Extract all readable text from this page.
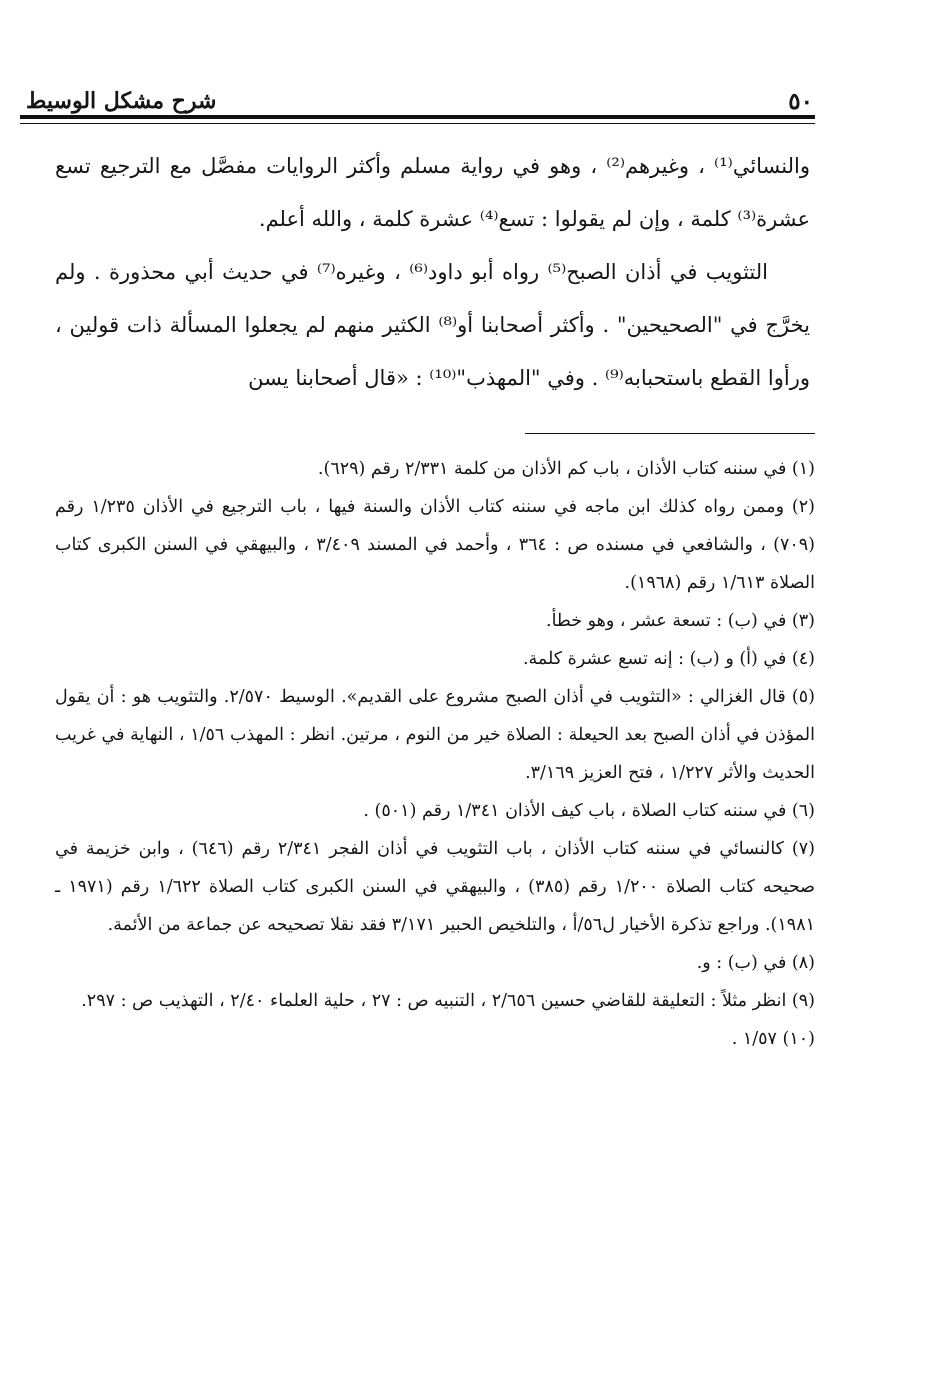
٥٠
شرح مشكل الوسيط

والنسائي⁽¹⁾ ، وغيرهم⁽²⁾ ، وهو في رواية مسلم وأكثر الروايات مفصَّل مع الترجيع تسع عشرة⁽³⁾ كلمة ، وإن لم يقولوا : تسع⁽⁴⁾ عشرة كلمة ، والله أعلم.

التثويب في أذان الصبح⁽⁵⁾ رواه أبو داود⁽⁶⁾ ، وغيره⁽⁷⁾ في حديث أبي محذورة . ولم يخرَّج في "الصحيحين" . وأكثر أصحابنا أو⁽⁸⁾ الكثير منهم لم يجعلوا المسألة ذات قولين ، ورأوا القطع باستحبابه⁽⁹⁾ . وفي "المهذب"⁽¹⁰⁾ : «قال أصحابنا يسن

(١) في سننه كتاب الأذان ، باب كم الأذان من كلمة ٢/٣٣١ رقم (٦٢٩).

(٢) وممن رواه كذلك ابن ماجه في سننه كتاب الأذان والسنة فيها ، باب الترجيع في الأذان ١/٢٣٥ رقم (٧٠٩) ، والشافعي في مسنده ص : ٣٦٤ ، وأحمد في المسند ٣/٤٠٩ ، والبيهقي في السنن الكبرى كتاب الصلاة ١/٦١٣ رقم (١٩٦٨).

(٣) في (ب) : تسعة عشر ، وهو خطأ.

(٤) في (أ) و (ب) : إنه تسع عشرة كلمة.

(٥) قال الغزالي : «التثويب في أذان الصبح مشروع على القديم». الوسيط ٢/٥٧٠. والتثويب هو : أن يقول المؤذن في أذان الصبح بعد الحيعلة : الصلاة خير من النوم ، مرتين. انظر : المهذب ١/٥٦ ، النهاية في غريب الحديث والأثر ١/٢٢٧ ، فتح العزيز ٣/١٦٩.

(٦) في سننه كتاب الصلاة ، باب كيف الأذان ١/٣٤١ رقم (٥٠١) .

(٧) كالنسائي في سننه كتاب الأذان ، باب التثويب في أذان الفجر ٢/٣٤١ رقم (٦٤٦) ، وابن خزيمة في صحيحه كتاب الصلاة ١/٢٠٠ رقم (٣٨٥) ، والبيهقي في السنن الكبرى كتاب الصلاة ١/٦٢٢ رقم (١٩٧١ ـ ١٩٨١). وراجع تذكرة الأخيار ل٥٦/أ ، والتلخيص الحبير ٣/١٧١ فقد نقلا تصحيحه عن جماعة من الأئمة.

(٨) في (ب) : و.

(٩) انظر مثلاً : التعليقة للقاضي حسين ٢/٦٥٦ ، التنبيه ص : ٢٧ ، حلية العلماء ٢/٤٠ ، التهذيب ص : ٢٩٧.

(١٠) ١/٥٧ .
